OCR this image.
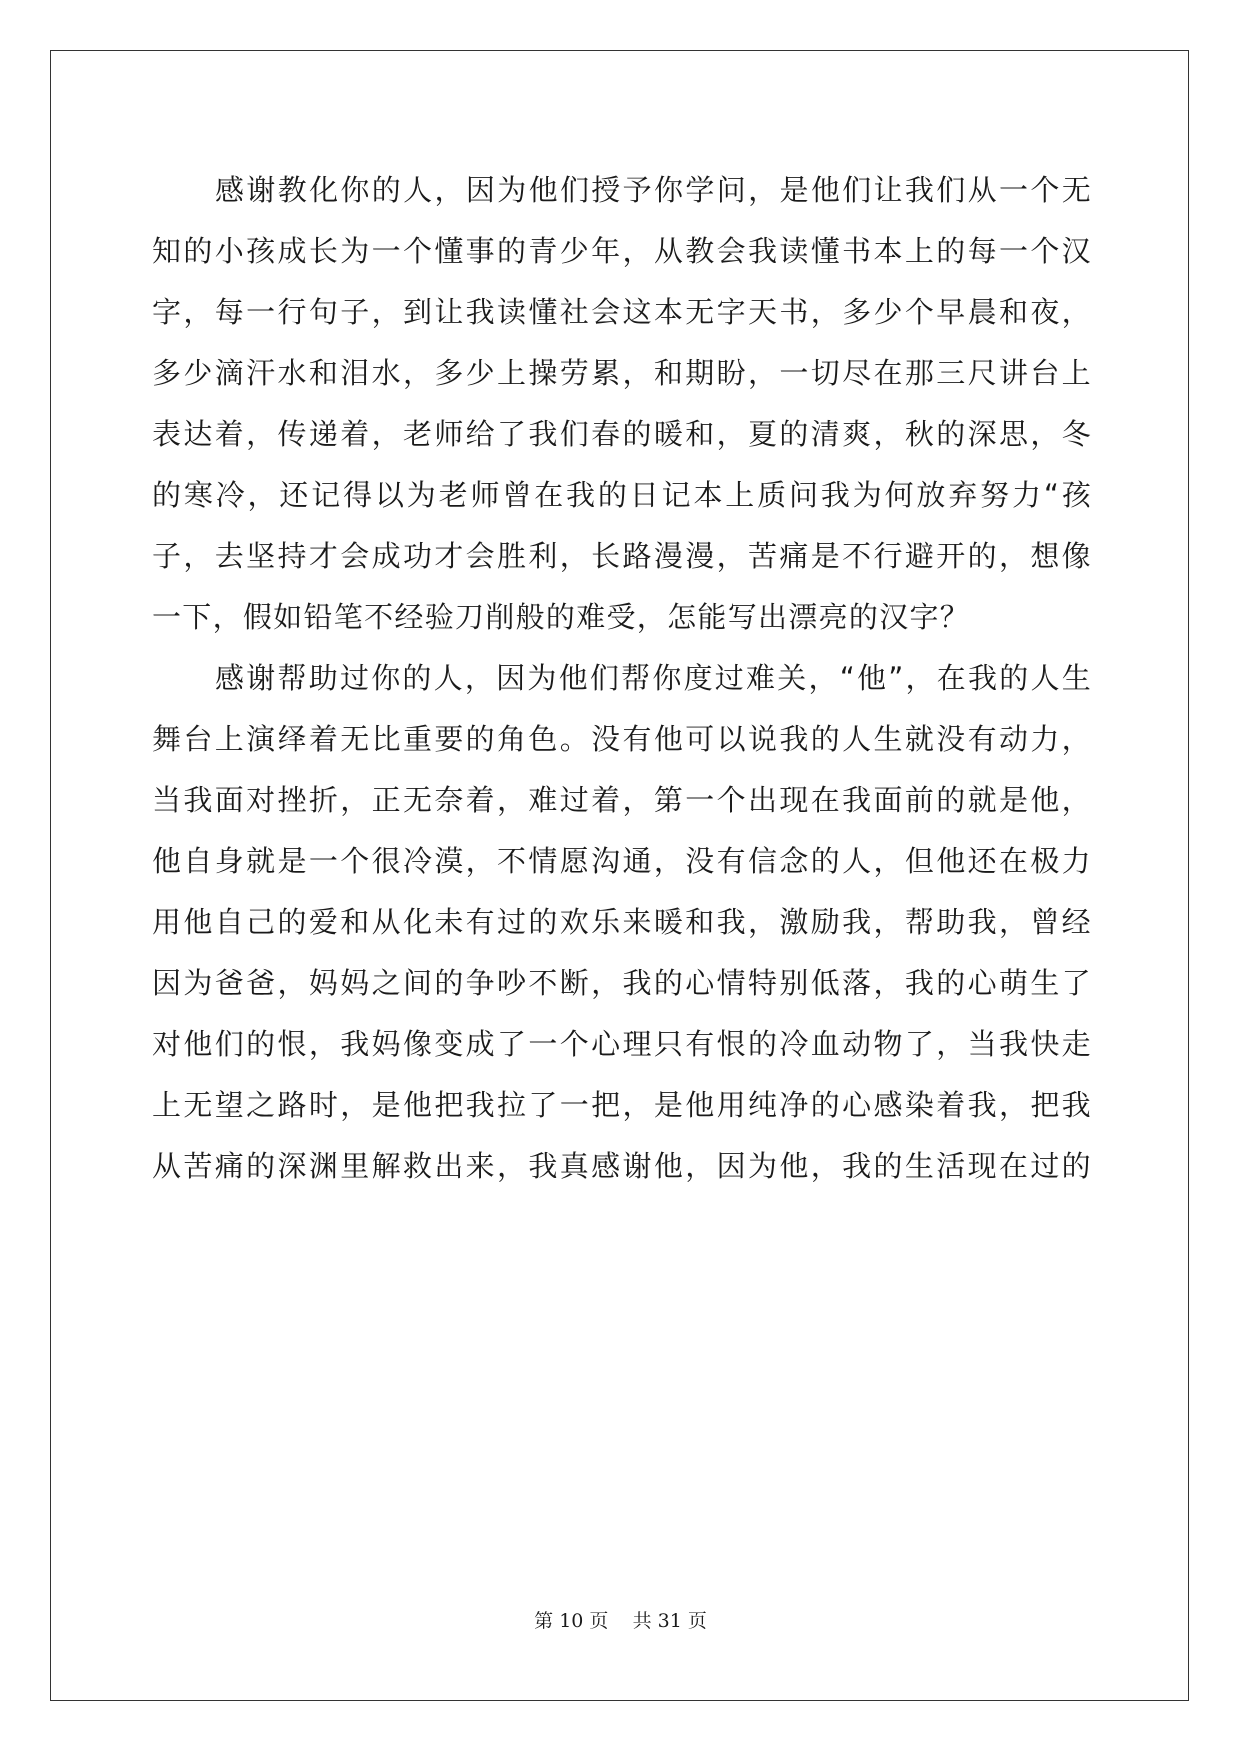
感谢教化你的人，因为他们授予你学问，是他们让我们从一个无
知的小孩成长为一个懂事的青少年，从教会我读懂书本上的每一个汉
字，每一行句子，到让我读懂社会这本无字天书，多少个早晨和夜，
多少滴汗水和泪水，多少上操劳累，和期盼，一切尽在那三尺讲台上
表达着，传递着，老师给了我们春的暖和，夏的清爽，秋的深思，冬
的寒冷，还记得以为老师曾在我的日记本上质问我为何放弃努力“孩
子，去坚持才会成功才会胜利，长路漫漫，苦痛是不行避开的，想像
一下，假如铅笔不经验刀削般的难受，怎能写出漂亮的汉字？
感谢帮助过你的人，因为他们帮你度过难关，“他”，在我的人生
舞台上演绎着无比重要的角色。没有他可以说我的人生就没有动力，
当我面对挫折，正无奈着，难过着，第一个出现在我面前的就是他，
他自身就是一个很冷漠，不情愿沟通，没有信念的人，但他还在极力
用他自己的爱和从化未有过的欢乐来暖和我，激励我，帮助我，曾经
因为爸爸，妈妈之间的争吵不断，我的心情特别低落，我的心萌生了
对他们的恨，我妈像变成了一个心理只有恨的冷血动物了，当我快走
上无望之路时，是他把我拉了一把，是他用纯净的心感染着我，把我
从苦痛的深渊里解救出来，我真感谢他，因为他，我的生活现在过的
第 10 页    共 31 页
